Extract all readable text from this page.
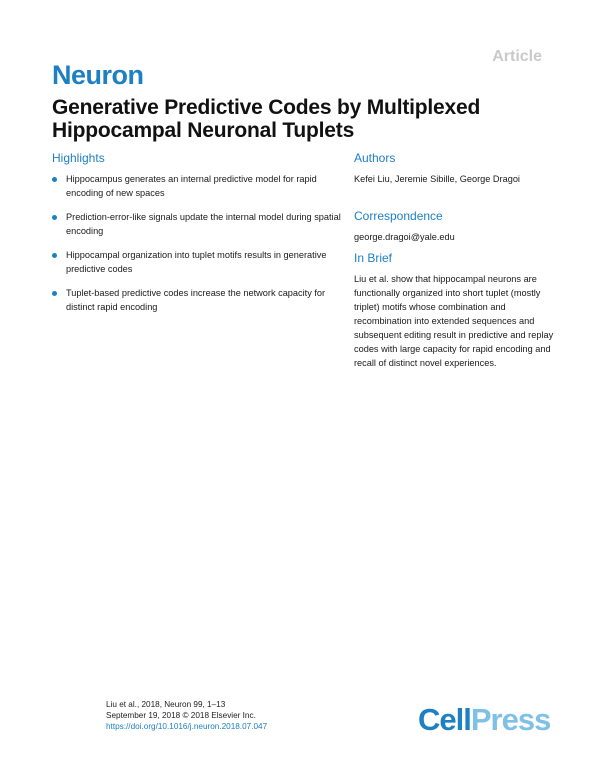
Article
Neuron
Generative Predictive Codes by Multiplexed Hippocampal Neuronal Tuplets
Highlights
Hippocampus generates an internal predictive model for rapid encoding of new spaces
Prediction-error-like signals update the internal model during spatial encoding
Hippocampal organization into tuplet motifs results in generative predictive codes
Tuplet-based predictive codes increase the network capacity for distinct rapid encoding
Authors

Kefei Liu, Jeremie Sibille, George Dragoi

Correspondence

george.dragoi@yale.edu

In Brief

Liu et al. show that hippocampal neurons are functionally organized into short tuplet (mostly triplet) motifs whose combination and recombination into extended sequences and subsequent editing result in predictive and replay codes with large capacity for rapid encoding and recall of distinct novel experiences.

Liu et al., 2018, Neuron 99, 1–13
September 19, 2018 © 2018 Elsevier Inc.
https://doi.org/10.1016/j.neuron.2018.07.047	CellPress
